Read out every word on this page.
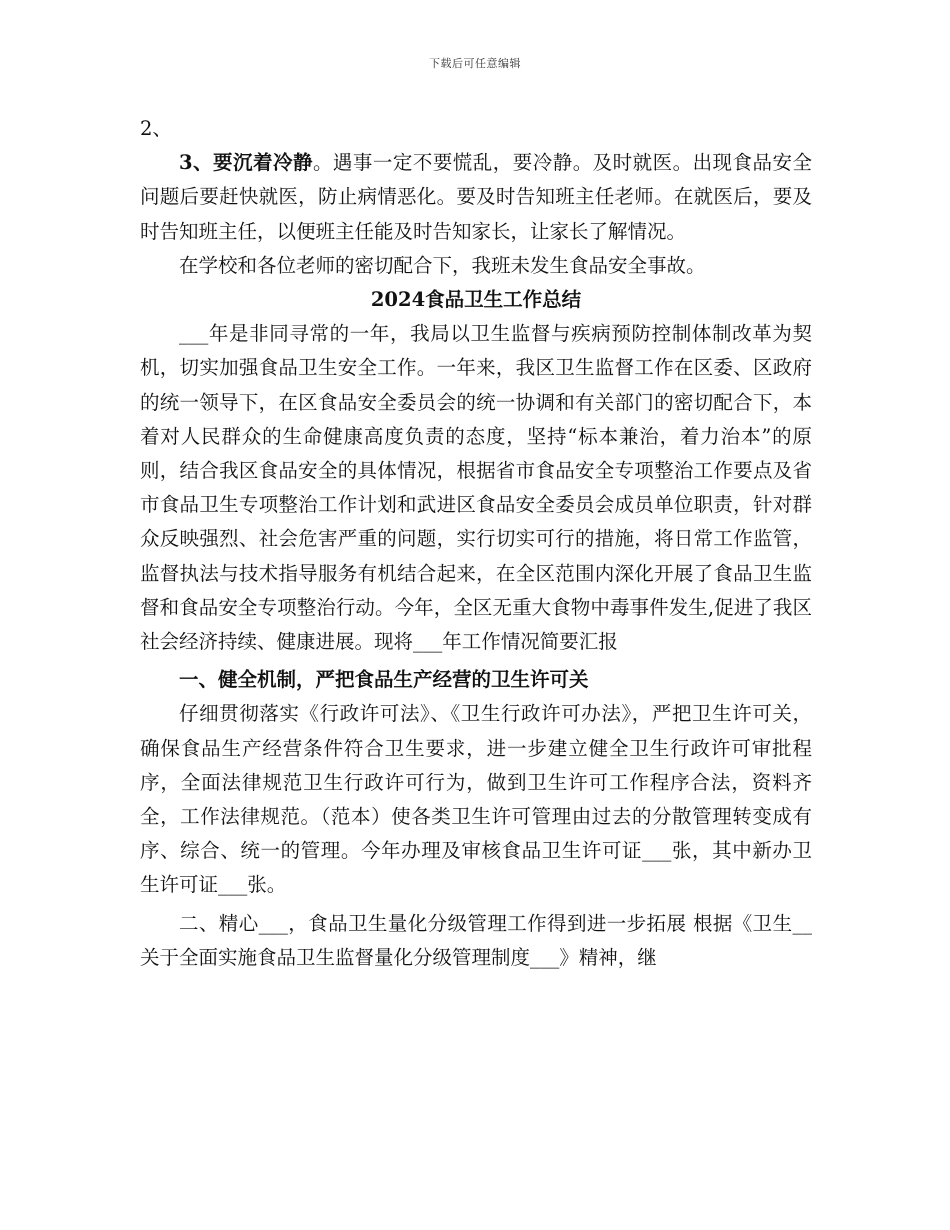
下载后可任意编辑

2、

3、要沉着冷静。遇事一定不要慌乱，要冷静。及时就医。出现食品安全问题后要赶快就医，防止病情恶化。要及时告知班主任老师。在就医后，要及时告知班主任，以便班主任能及时告知家长，让家长了解情况。

在学校和各位老师的密切配合下，我班未发生食品安全事故。

2024食品卫生工作总结

___年是非同寻常的一年，我局以卫生监督与疾病预防控制体制改革为契机，切实加强食品卫生安全工作。一年来，我区卫生监督工作在区委、区政府的统一领导下，在区食品安全委员会的统一协调和有关部门的密切配合下，本着对人民群众的生命健康高度负责的态度，坚持“标本兼治，着力治本”的原则，结合我区食品安全的具体情况，根据省市食品安全专项整治工作要点及省市食品卫生专项整治工作计划和武进区食品安全委员会成员单位职责，针对群众反映强烈、社会危害严重的问题，实行切实可行的措施，将日常工作监管，监督执法与技术指导服务有机结合起来，在全区范围内深化开展了食品卫生监督和食品安全专项整治行动。今年，全区无重大食物中毒事件发生,促进了我区社会经济持续、健康进展。现将___年工作情况简要汇报

一、健全机制，严把食品生产经营的卫生许可关

仔细贯彻落实《行政许可法》、《卫生行政许可办法》，严把卫生许可关，确保食品生产经营条件符合卫生要求，进一步建立健全卫生行政许可审批程序，全面法律规范卫生行政许可行为，做到卫生许可工作程序合法，资料齐全，工作法律规范。（范本）使各类卫生许可管理由过去的分散管理转变成有序、综合、统一的管理。今年办理及审核食品卫生许可证___张，其中新办卫生许可证___张。

二、精心___，食品卫生量化分级管理工作得到进一步拓展 根据《卫生__关于全面实施食品卫生监督量化分级管理制度___》精神，继
